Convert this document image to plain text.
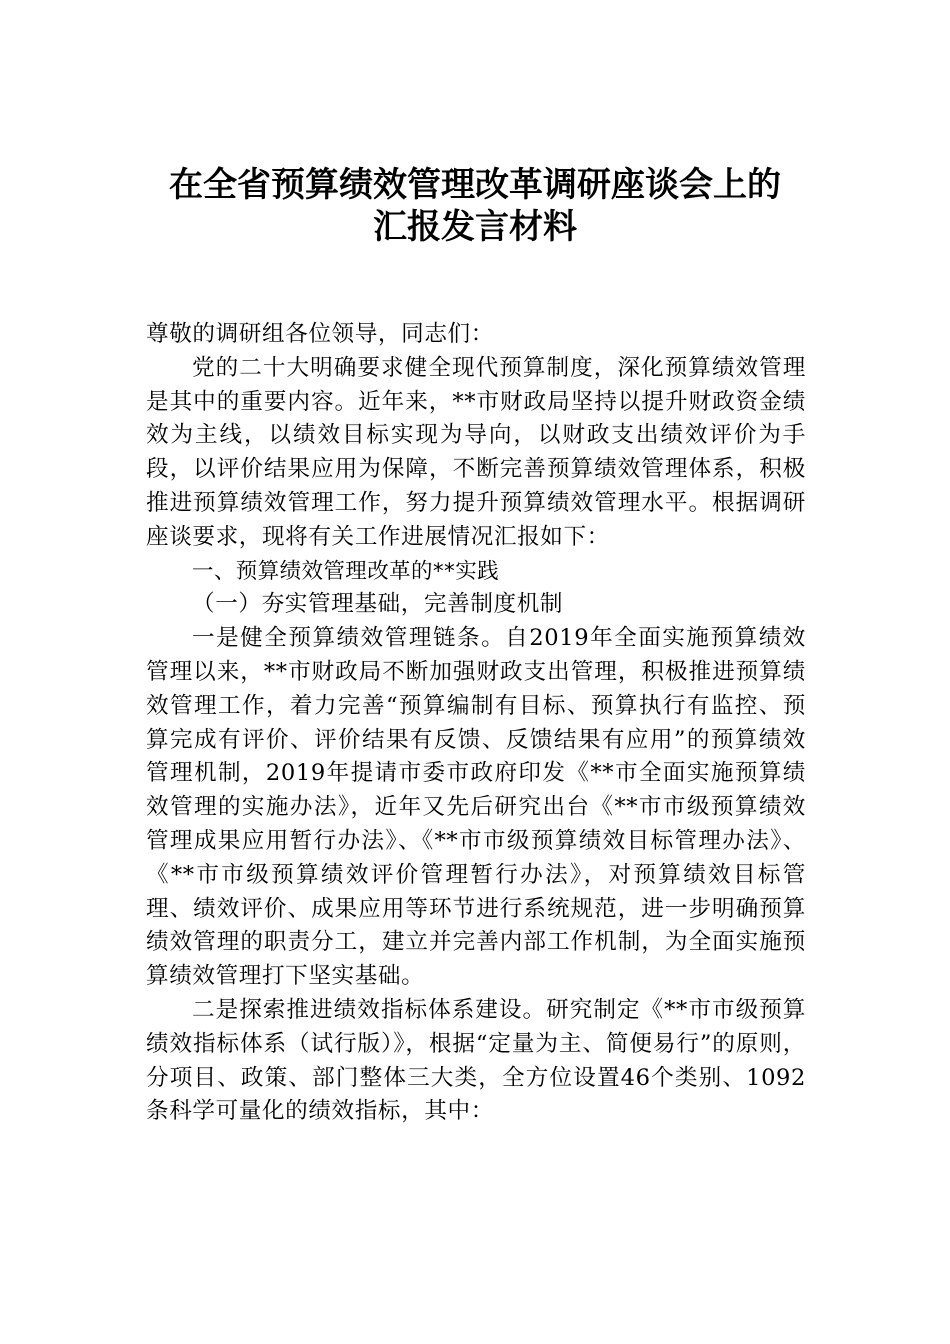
在全省预算绩效管理改革调研座谈会上的
汇报发言材料

尊敬的调研组各位领导，同志们：

党的二十大明确要求健全现代预算制度，深化预算绩效管理是其中的重要内容。近年来，**市财政局坚持以提升财政资金绩效为主线，以绩效目标实现为导向，以财政支出绩效评价为手段，以评价结果应用为保障，不断完善预算绩效管理体系，积极推进预算绩效管理工作，努力提升预算绩效管理水平。根据调研座谈要求，现将有关工作进展情况汇报如下：

一、预算绩效管理改革的**实践

（一）夯实管理基础，完善制度机制

一是健全预算绩效管理链条。自2019年全面实施预算绩效管理以来，**市财政局不断加强财政支出管理，积极推进预算绩效管理工作，着力完善“预算编制有目标、预算执行有监控、预算完成有评价、评价结果有反馈、反馈结果有应用”的预算绩效管理机制，2019年提请市委市政府印发《**市全面实施预算绩效管理的实施办法》，近年又先后研究出台《**市市级预算绩效管理成果应用暂行办法》、《**市市级预算绩效目标管理办法》、《**市市级预算绩效评价管理暂行办法》，对预算绩效目标管理、绩效评价、成果应用等环节进行系统规范，进一步明确预算绩效管理的职责分工，建立并完善内部工作机制，为全面实施预算绩效管理打下坚实基础。

二是探索推进绩效指标体系建设。研究制定《**市市级预算绩效指标体系（试行版）》，根据“定量为主、简便易行”的原则，分项目、政策、部门整体三大类，全方位设置46个类别、1092条科学可量化的绩效指标，其中：
